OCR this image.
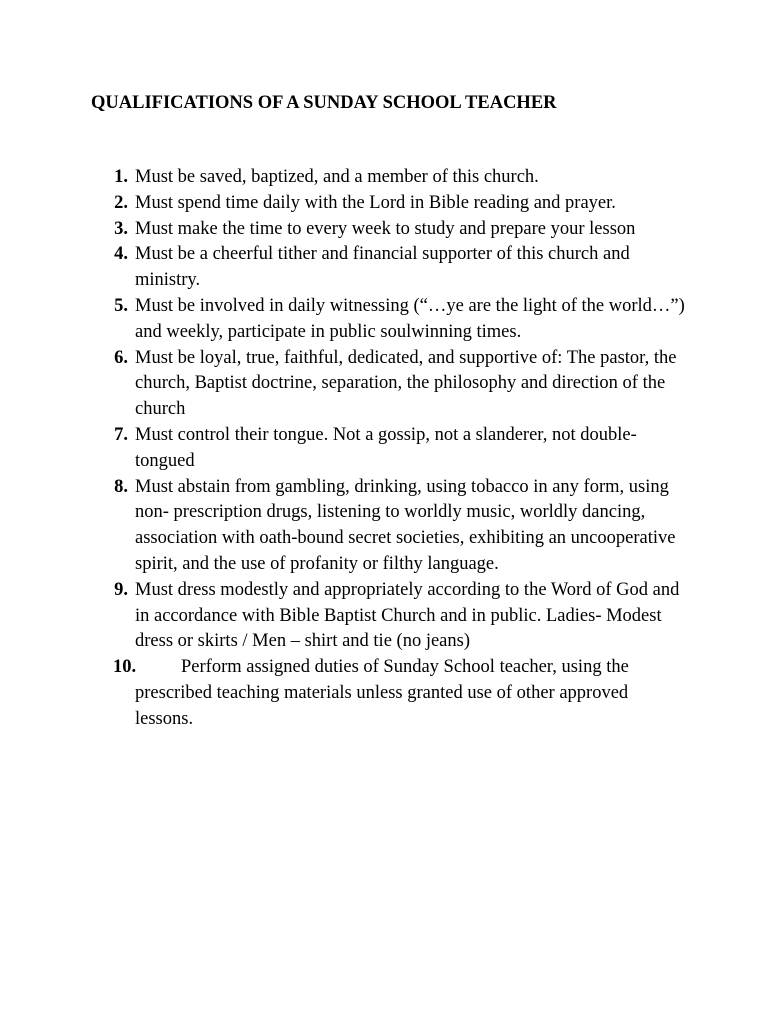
QUALIFICATIONS OF A SUNDAY SCHOOL TEACHER
1. Must be saved, baptized, and a member of this church.
2. Must spend time daily with the Lord in Bible reading and prayer.
3. Must make the time to every week to study and prepare your lesson
4. Must be a cheerful tither and financial supporter of this church and ministry.
5. Must be involved in daily witnessing (“…ye are the light of the world…”) and weekly, participate in public soulwinning times.
6. Must be loyal, true, faithful, dedicated, and supportive of: The pastor, the church, Baptist doctrine, separation, the philosophy and direction of the church
7. Must control their tongue. Not a gossip, not a slanderer, not double-tongued
8. Must abstain from gambling, drinking, using tobacco in any form, using non- prescription drugs, listening to worldly music, worldly dancing, association with oath-bound secret societies, exhibiting an uncooperative spirit, and the use of profanity or filthy language.
9. Must dress modestly and appropriately according to the Word of God and in accordance with Bible Baptist Church and in public. Ladies- Modest dress or skirts / Men – shirt and tie (no jeans)
10.	Perform assigned duties of Sunday School teacher, using the prescribed teaching materials unless granted use of other approved lessons.
